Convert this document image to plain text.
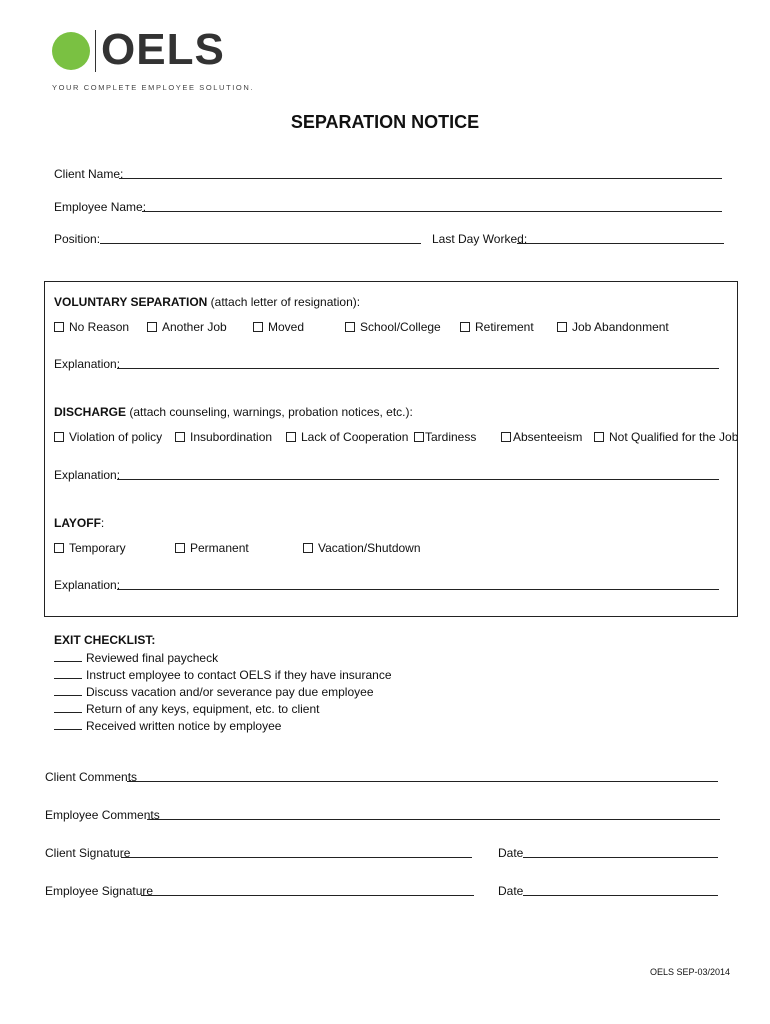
OELS
YOUR COMPLETE EMPLOYEE SOLUTION.
SEPARATION NOTICE
Client Name:
Employee Name:
Position:	Last Day Worked:
VOLUNTARY SEPARATION (attach letter of resignation):
No Reason	Another Job	Moved	School/College	Retirement	Job Abandonment
Explanation:
DISCHARGE (attach counseling, warnings, probation notices, etc.):
Violation of policy	Insubordination	Lack of Cooperation	Tardiness	Absenteeism	Not Qualified for the Job
Explanation:
LAYOFF:
Temporary	Permanent	Vacation/Shutdown
Explanation:
EXIT CHECKLIST:
Reviewed final paycheck
Instruct employee to contact OELS if they have insurance
Discuss vacation and/or severance pay due employee
Return of any keys, equipment, etc. to client
Received written notice by employee
Client Comments
Employee Comments
Client Signature	Date
Employee Signature	Date
OELS SEP-03/2014
